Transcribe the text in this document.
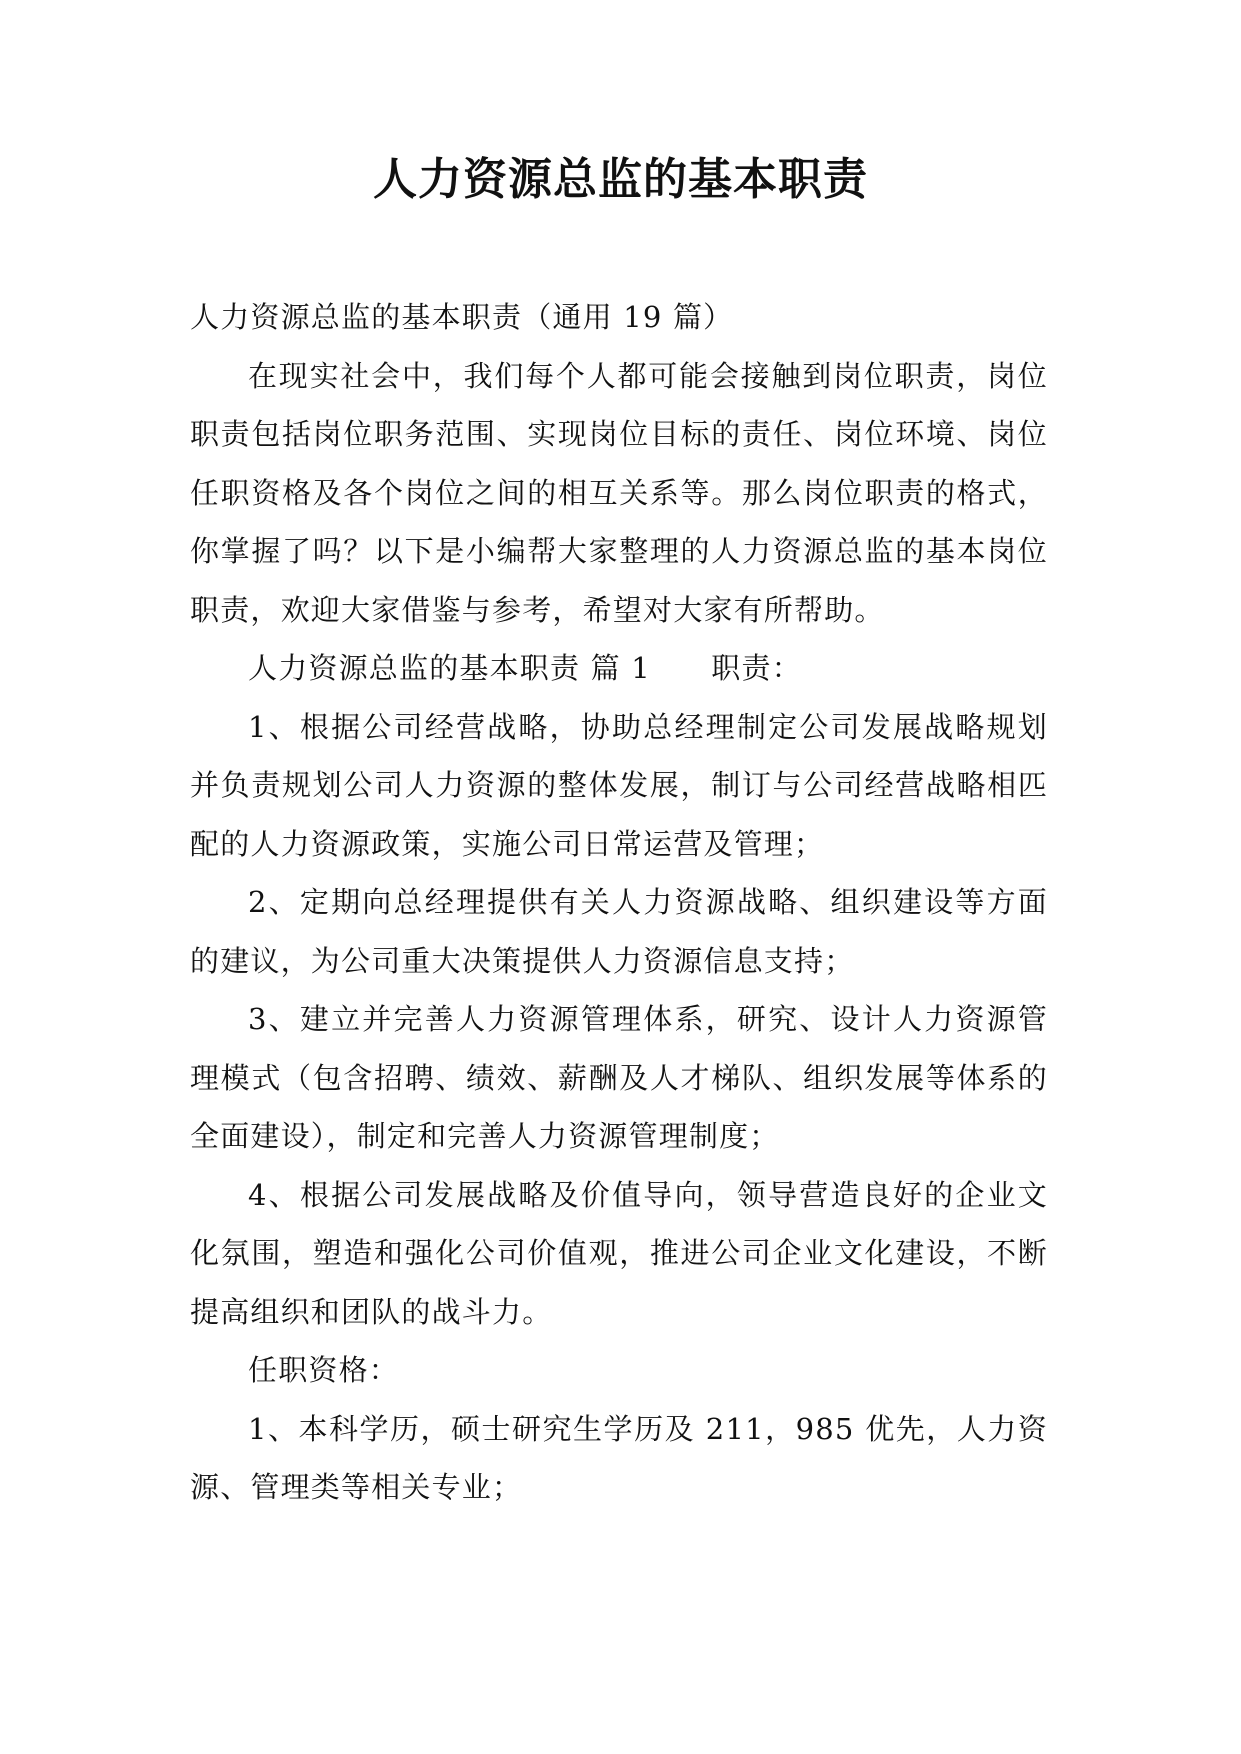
人力资源总监的基本职责

人力资源总监的基本职责（通用 19 篇）

在现实社会中，我们每个人都可能会接触到岗位职责，岗位职责包括岗位职务范围、实现岗位目标的责任、岗位环境、岗位任职资格及各个岗位之间的相互关系等。那么岗位职责的格式，你掌握了吗？以下是小编帮大家整理的人力资源总监的基本岗位职责，欢迎大家借鉴与参考，希望对大家有所帮助。

人力资源总监的基本职责 篇 1　　职责：

1、根据公司经营战略，协助总经理制定公司发展战略规划并负责规划公司人力资源的整体发展，制订与公司经营战略相匹配的人力资源政策，实施公司日常运营及管理；

2、定期向总经理提供有关人力资源战略、组织建设等方面的建议，为公司重大决策提供人力资源信息支持；

3、建立并完善人力资源管理体系，研究、设计人力资源管理模式（包含招聘、绩效、薪酬及人才梯队、组织发展等体系的全面建设），制定和完善人力资源管理制度；

4、根据公司发展战略及价值导向，领导营造良好的企业文化氛围，塑造和强化公司价值观，推进公司企业文化建设，不断提高组织和团队的战斗力。

任职资格：

1、本科学历，硕士研究生学历及 211，985 优先，人力资源、管理类等相关专业；
